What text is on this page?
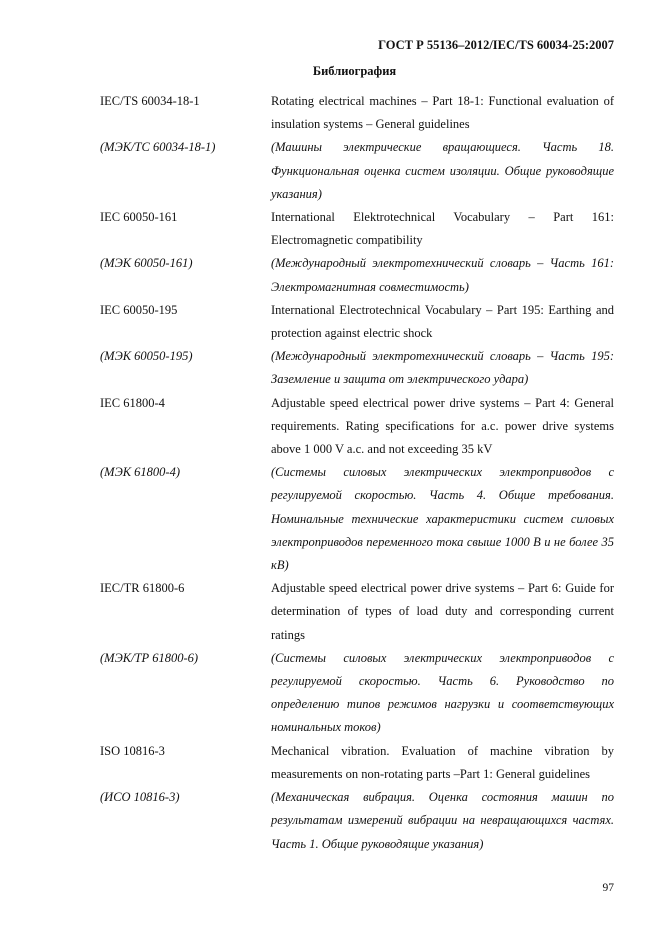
ГОСТ Р 55136–2012/IEC/TS 60034-25:2007
Библиография
IEC/TS 60034-18-1	Rotating electrical machines – Part 18-1: Functional evaluation of insulation systems – General guidelines
(МЭК/ТС 60034-18-1)	(Машины электрические вращающиеся. Часть 18. Функциональная оценка систем изоляции. Общие руководящие указания)
IEC 60050-161	International Elektrotechnical Vocabulary – Part 161: Electromagnetic compatibility
(МЭК 60050-161)	(Международный электротехнический словарь – Часть 161: Электромагнитная совместимость)
IEC 60050-195	International Electrotechnical Vocabulary – Part 195: Earthing and protection against electric shock
(МЭК 60050-195)	(Международный электротехнический словарь – Часть 195: Заземление и защита от электрического удара)
IEC 61800-4	Adjustable speed electrical power drive systems – Part 4: General requirements. Rating specifications for a.c. power drive systems above 1 000 V a.c. and not exceeding 35 kV
(МЭК 61800-4)	(Системы силовых электрических электроприводов с регулируемой скоростью. Часть 4. Общие требования. Номинальные технические характеристики систем силовых электроприводов переменного тока свыше 1000 В и не более 35 кВ)
IEC/TR 61800-6	Adjustable speed electrical power drive systems – Part 6: Guide for determination of types of load duty and corresponding current ratings
(МЭК/ТР 61800-6)	(Системы силовых электрических электроприводов с регулируемой скоростью. Часть 6. Руководство по определению типов режимов нагрузки и соответствующих номинальных токов)
ISO 10816-3	Mechanical vibration. Evaluation of machine vibration by measurements on non-rotating parts –Part 1: General guidelines
(ИСО 10816-3)	(Механическая вибрация. Оценка состояния машин по результатам измерений вибрации на невращающихся частях. Часть 1. Общие руководящие указания)
97
